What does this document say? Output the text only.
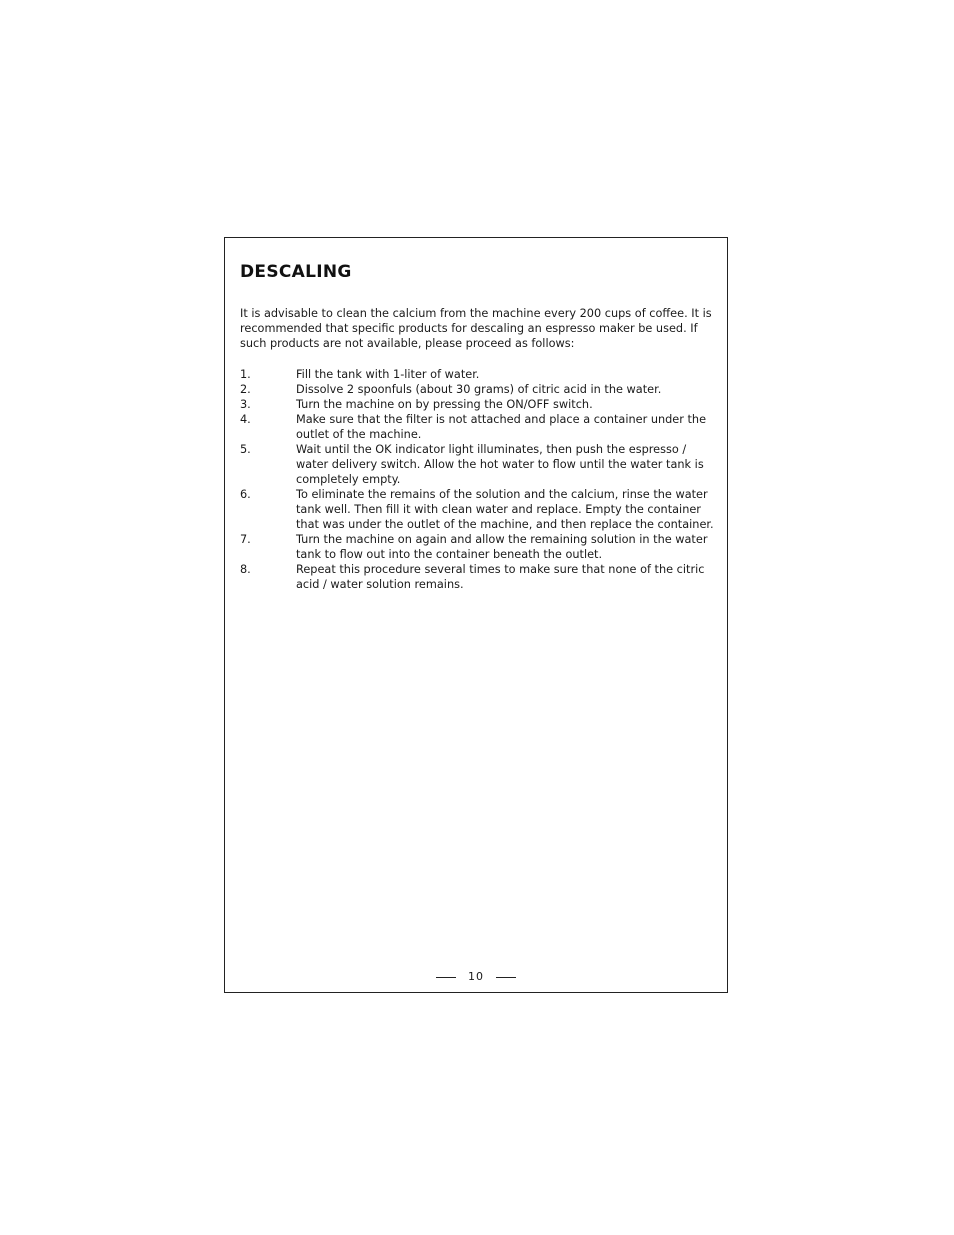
DESCALING

It is advisable to clean the calcium from the machine every 200 cups of coffee. It is recommended that specific products for descaling an espresso maker be used. If such products are not available, please proceed as follows:

1.	Fill the tank with 1-liter of water.
2.	Dissolve 2 spoonfuls (about 30 grams) of citric acid in the water.
3.	Turn the machine on by pressing the ON/OFF switch.
4.	Make sure that the filter is not attached and place a container under the outlet of the machine.
5.	Wait until the OK indicator light illuminates, then push the espresso / water delivery switch. Allow the hot water to flow until the water tank is completely empty.
6.	To eliminate the remains of the solution and the calcium, rinse the water tank well. Then fill it with clean water and replace. Empty the container that was under the outlet of the machine, and then replace the container.
7.	Turn the machine on again and allow the remaining solution in the water tank to flow out into the container beneath the outlet.
8.	Repeat this procedure several times to make sure that none of the citric acid / water solution remains.
10
